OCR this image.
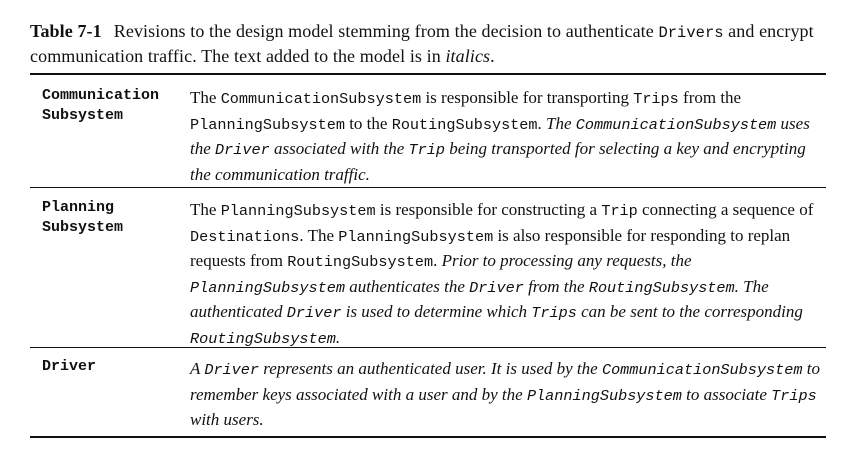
Table 7-1 Revisions to the design model stemming from the decision to authenticate Drivers and encrypt communication traffic. The text added to the model is in italics.
Communication
Subsystem
The CommunicationSubsystem is responsible for transporting Trips from the PlanningSubsystem to the RoutingSubsystem. The CommunicationSubsystem uses the Driver associated with the Trip being transported for selecting a key and encrypting the communication traffic.
Planning
Subsystem
The PlanningSubsystem is responsible for constructing a Trip connecting a sequence of Destinations. The PlanningSubsystem is also responsible for responding to replan requests from RoutingSubsystem. Prior to processing any requests, the PlanningSubsystem authenticates the Driver from the RoutingSubsystem. The authenticated Driver is used to determine which Trips can be sent to the corresponding RoutingSubsystem.
Driver	A Driver represents an authenticated user. It is used by the CommunicationSubsystem to remember keys associated with a user and by the PlanningSubsystem to associate Trips with users.
